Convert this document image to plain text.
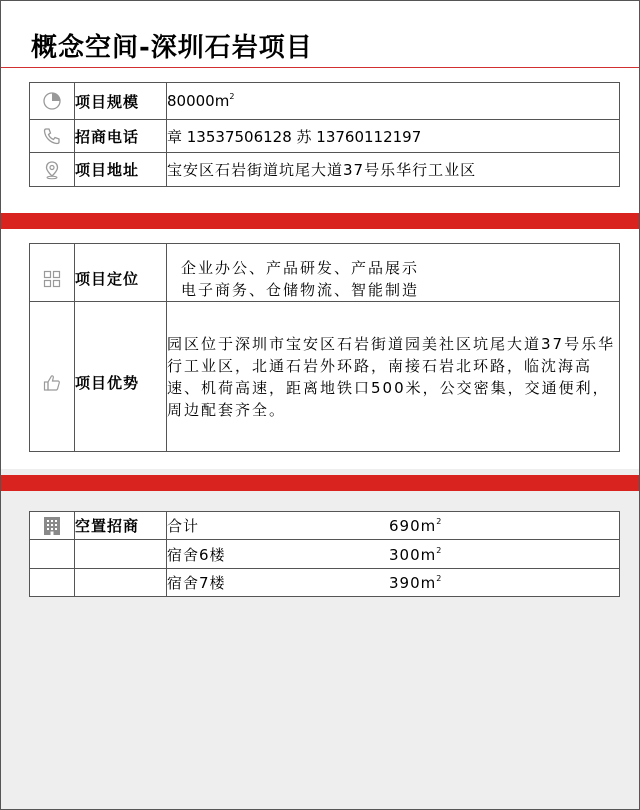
概念空间-深圳石岩项目
	项目规模	$80000m^2$

	招商电话	章 13537506128 苏 13760112197

	项目地址	宝安区石岩街道坑尾大道37号乐华行工业区
	项目定位	企业办公、产品研发、产品展示
电子商务、仓储物流、智能制造

	项目优势	园区位于深圳市宝安区石岩街道园美社区坑尾大道37号乐华行工业区，北通石岩外环路，南接石岩北环路，临沈海高速、机荷高速，距离地铁口500米，公交密集，交通便利，周边配套齐全。
	空置招商	合计 $690m^2$
		宿舍6楼 $300m^2$
		宿舍7楼 $390m^2$
